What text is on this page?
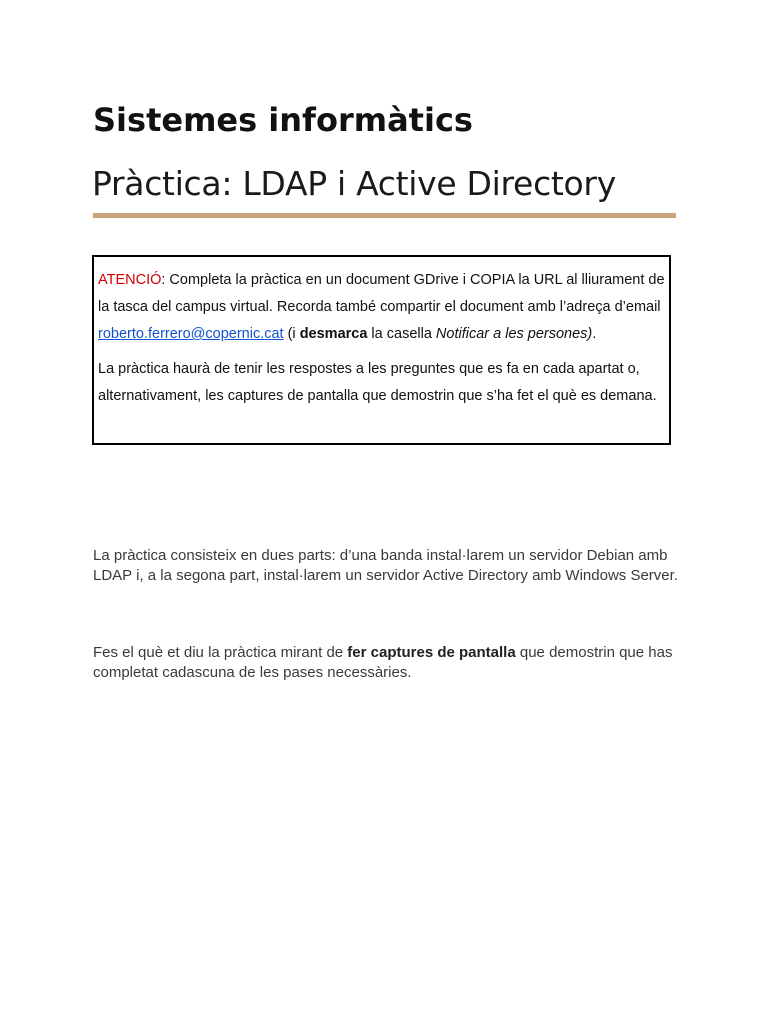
Sistemes informàtics
Pràctica: LDAP i Active Directory

ATENCIÓ: Completa la pràctica en un document GDrive i COPIA la URL al lliurament de la tasca del campus virtual. Recorda també compartir el document amb l’adreça d’email roberto.ferrero@copernic.cat (i desmarca la casella Notificar a les persones).

La pràctica haurà de tenir les respostes a les preguntes que es fa en cada apartat o, alternativament, les captures de pantalla que demostrin que s’ha fet el què es demana.

La pràctica consisteix en dues parts: d’una banda instal·larem un servidor Debian amb LDAP i, a la segona part, instal·larem un servidor Active Directory amb Windows Server.

Fes el què et diu la pràctica mirant de fer captures de pantalla que demostrin que has completat cadascuna de les pases necessàries.
